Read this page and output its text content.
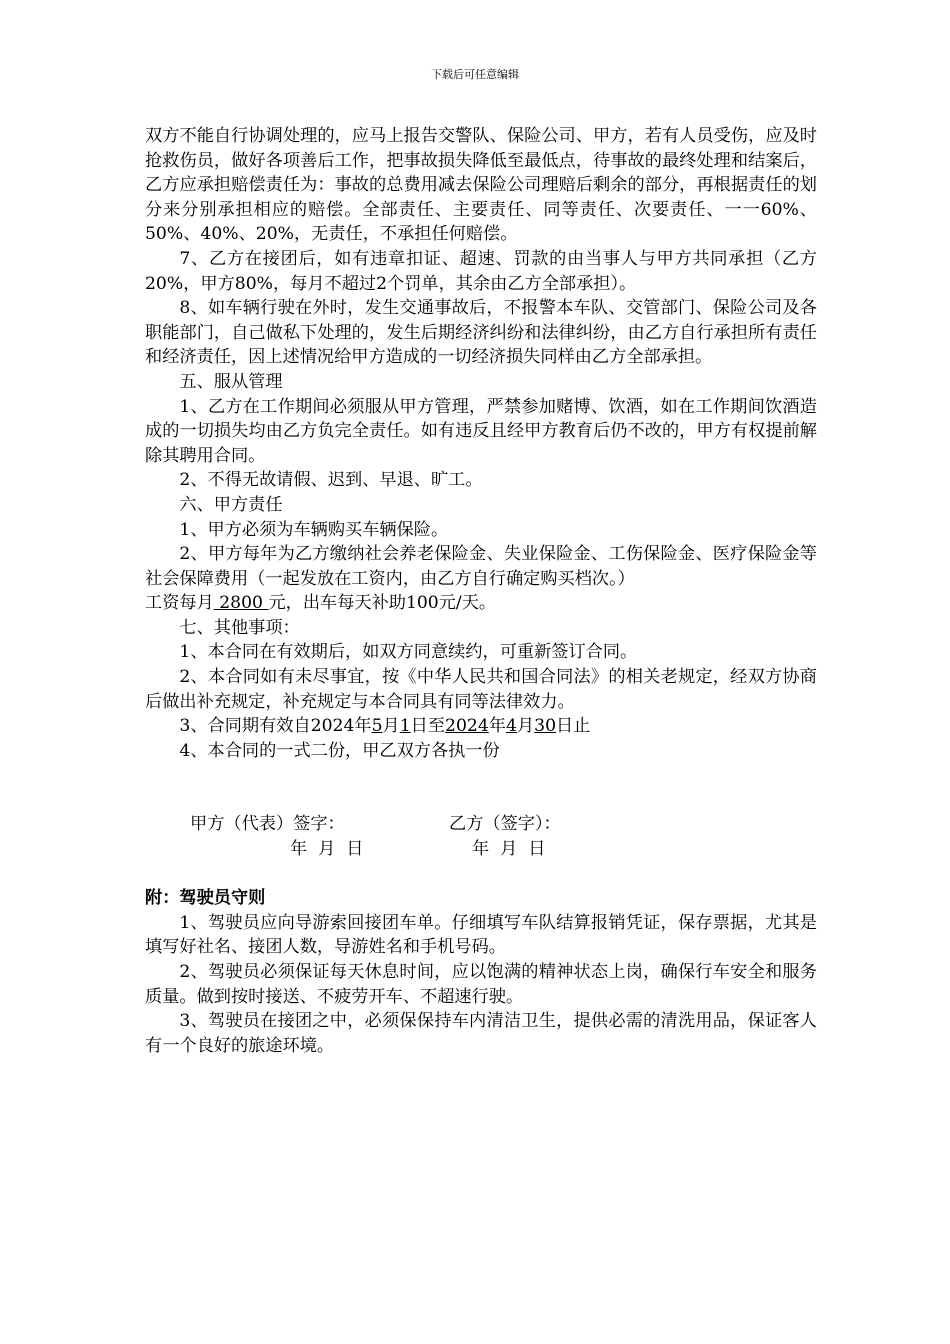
下载后可任意编辑

双方不能自行协调处理的，应马上报告交警队、保险公司、甲方，若有人员受伤，应及时抢救伤员，做好各项善后工作，把事故损失降低至最低点，待事故的最终处理和结案后，乙方应承担赔偿责任为：事故的总费用减去保险公司理赔后剩余的部分，再根据责任的划分来分别承担相应的赔偿。全部责任、主要责任、同等责任、次要责任、一一60%、50%、40%、20%，无责任，不承担任何赔偿。

7、乙方在接团后，如有违章扣证、超速、罚款的由当事人与甲方共同承担（乙方20%，甲方80%，每月不超过2个罚单，其余由乙方全部承担）。

8、如车辆行驶在外时，发生交通事故后，不报警本车队、交管部门、保险公司及各职能部门，自己做私下处理的，发生后期经济纠纷和法律纠纷，由乙方自行承担所有责任和经济责任，因上述情况给甲方造成的一切经济损失同样由乙方全部承担。

五、服从管理

1、乙方在工作期间必须服从甲方管理，严禁参加赌博、饮酒，如在工作期间饮酒造成的一切损失均由乙方负完全责任。如有违反且经甲方教育后仍不改的，甲方有权提前解除其聘用合同。

2、不得无故请假、迟到、早退、旷工。

六、甲方责任

1、甲方必须为车辆购买车辆保险。

2、甲方每年为乙方缴纳社会养老保险金、失业保险金、工伤保险金、医疗保险金等社会保障费用（一起发放在工资内，由乙方自行确定购买档次。）

工资每月 2800 元，出车每天补助100元/天。

七、其他事项：

1、本合同在有效期后，如双方同意续约，可重新签订合同。

2、本合同如有未尽事宜，按《中华人民共和国合同法》的相关老规定，经双方协商后做出补充规定，补充规定与本合同具有同等法律效力。

3、合同期有效自2024年5月1日至2024年4月30日止

4、本合同的一式二份，甲乙双方各执一份

甲方（代表）签字：	乙方（签字）：
年  月  日	年  月  日

附：驾驶员守则

1、驾驶员应向导游索回接团车单。仔细填写车队结算报销凭证，保存票据，尤其是填写好社名、接团人数，导游姓名和手机号码。

2、驾驶员必须保证每天休息时间，应以饱满的精神状态上岗，确保行车安全和服务质量。做到按时接送、不疲劳开车、不超速行驶。

3、驾驶员在接团之中，必须保保持车内清洁卫生，提供必需的清洗用品，保证客人有一个良好的旅途环境。
